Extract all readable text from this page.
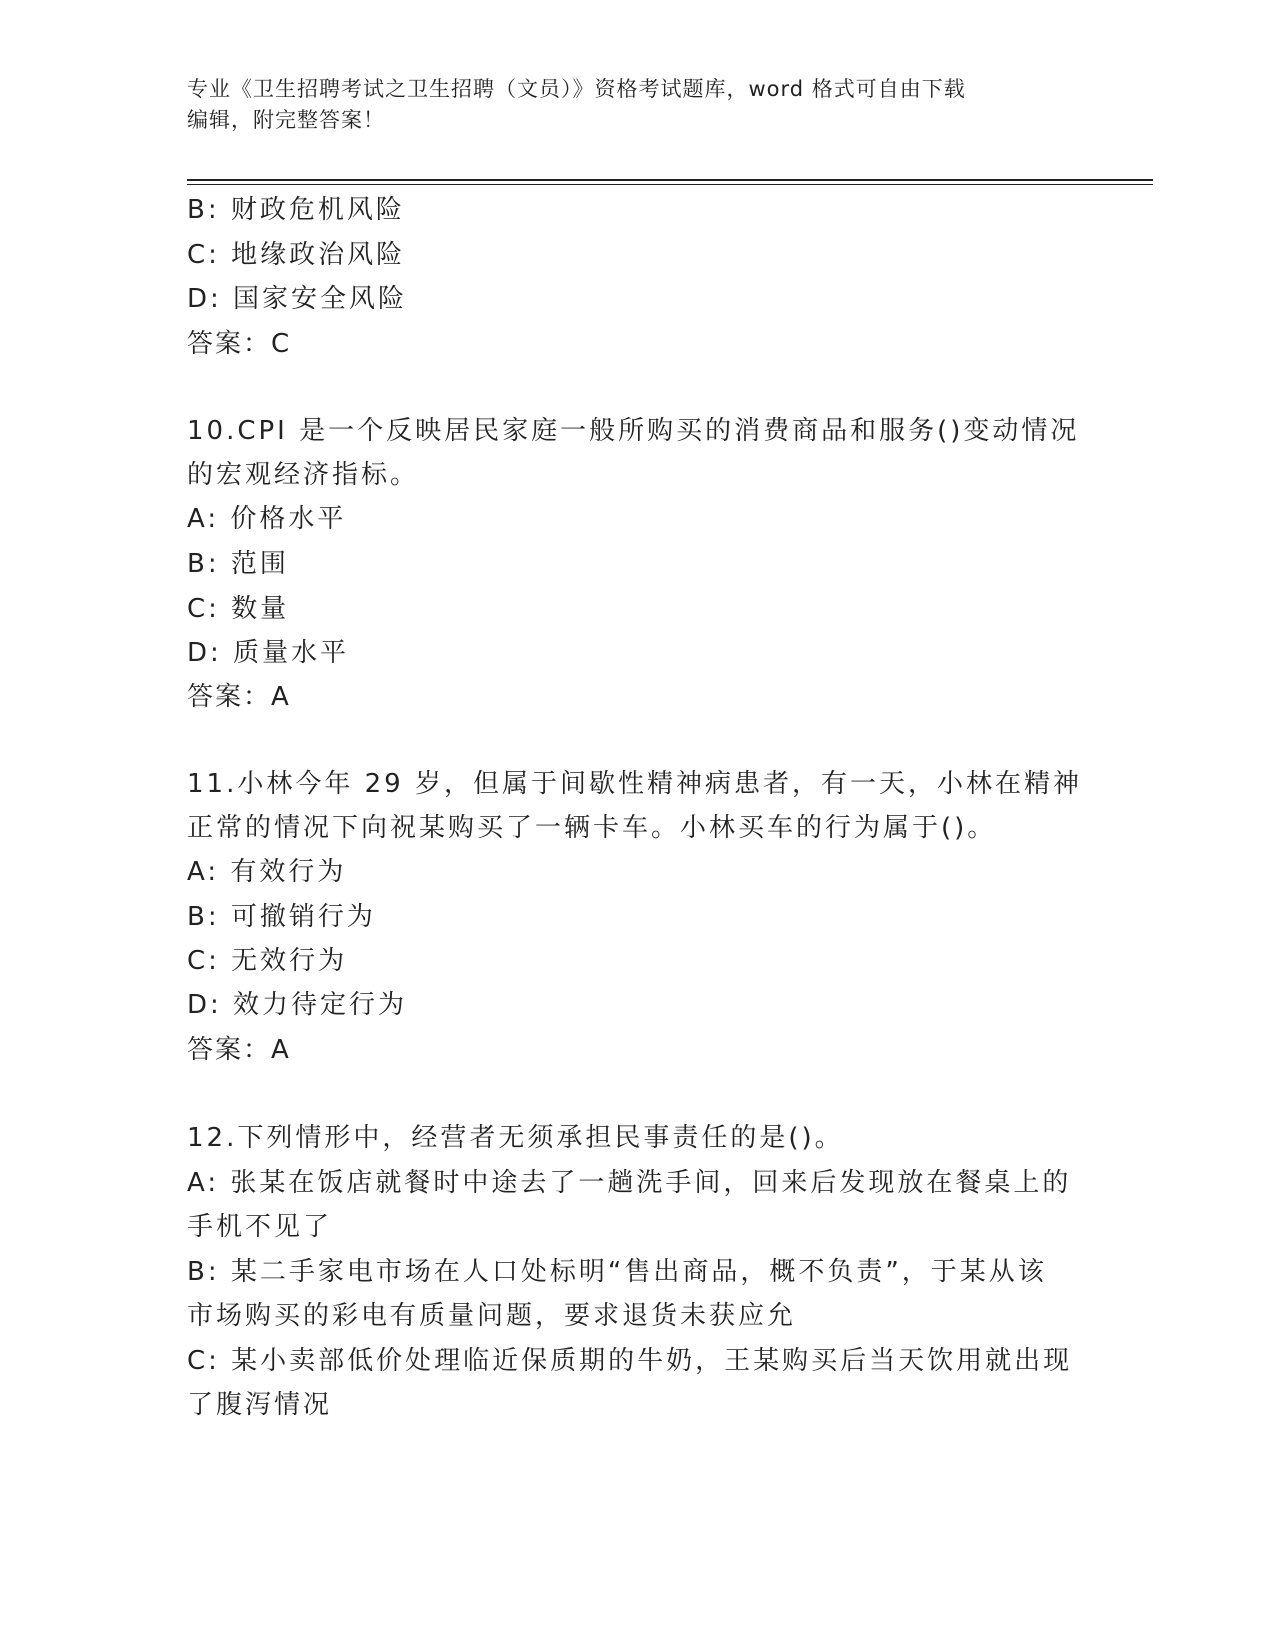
专业《卫生招聘考试之卫生招聘（文员）》资格考试题库，word 格式可自由下载
编辑，附完整答案！
B: 财政危机风险
C: 地缘政治风险
D: 国家安全风险
答案：C
10.CPI 是一个反映居民家庭一般所购买的消费商品和服务()变动情况
的宏观经济指标。
A: 价格水平
B: 范围
C: 数量
D: 质量水平
答案：A
11.小林今年 29 岁，但属于间歇性精神病患者，有一天，小林在精神
正常的情况下向祝某购买了一辆卡车。小林买车的行为属于()。
A: 有效行为
B: 可撤销行为
C: 无效行为
D: 效力待定行为
答案：A
12.下列情形中，经营者无须承担民事责任的是()。
A: 张某在饭店就餐时中途去了一趟洗手间，回来后发现放在餐桌上的
手机不见了
B: 某二手家电市场在人口处标明“售出商品，概不负责”，于某从该
市场购买的彩电有质量问题，要求退货未获应允
C: 某小卖部低价处理临近保质期的牛奶，王某购买后当天饮用就出现
了腹泻情况
